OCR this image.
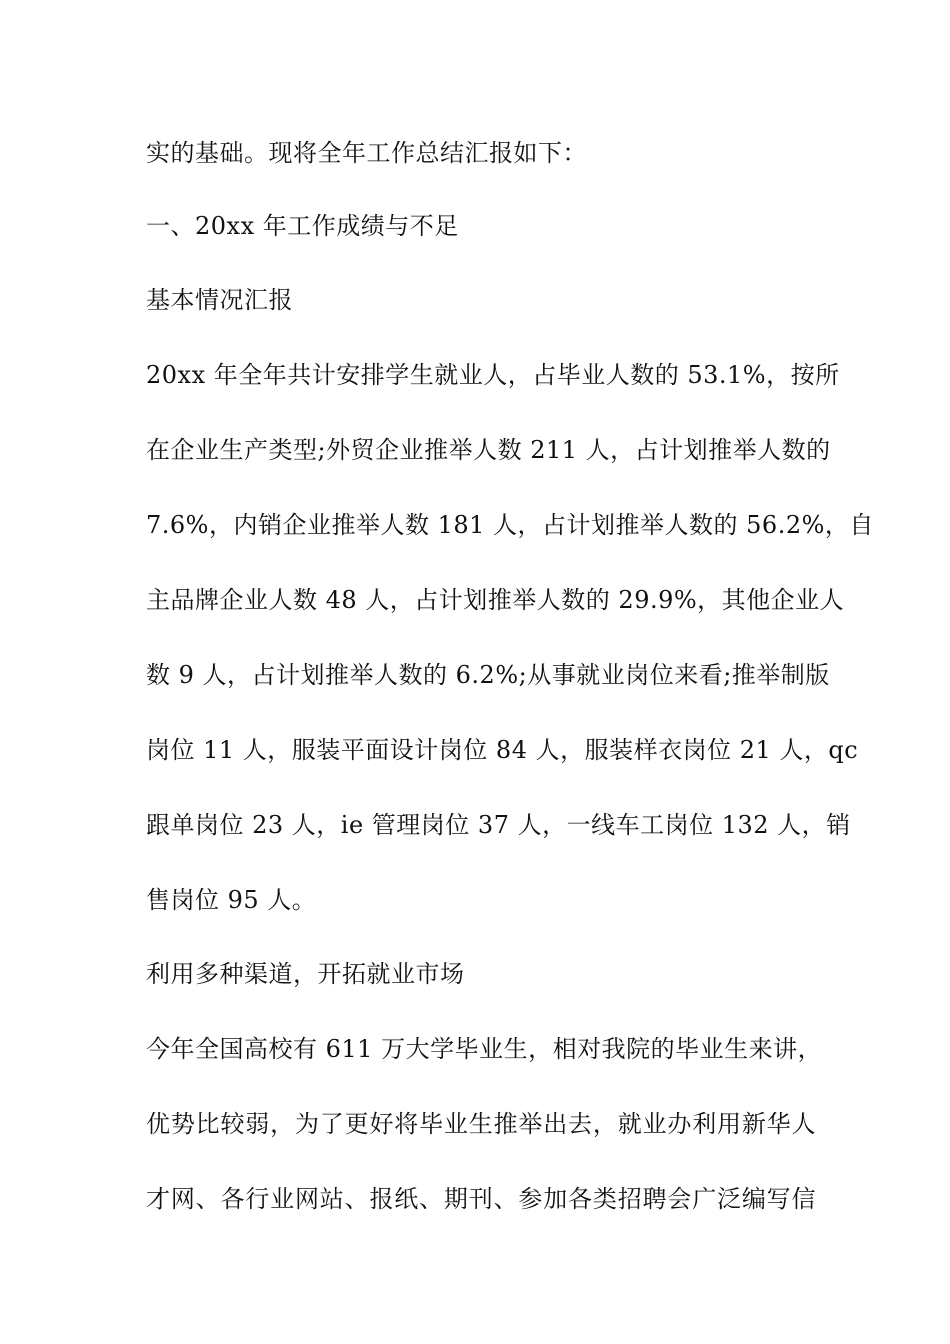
实的基础。现将全年工作总结汇报如下：
一、20xx 年工作成绩与不足
基本情况汇报
20xx 年全年共计安排学生就业人，占毕业人数的 53.1%，按所
在企业生产类型;外贸企业推举人数 211 人，占计划推举人数的
7.6%，内销企业推举人数 181 人，占计划推举人数的 56.2%，自
主品牌企业人数 48 人，占计划推举人数的 29.9%，其他企业人
数 9 人，占计划推举人数的 6.2%;从事就业岗位来看;推举制版
岗位 11 人，服装平面设计岗位 84 人，服装样衣岗位 21 人，qc
跟单岗位 23 人，ie 管理岗位 37 人，一线车工岗位 132 人，销
售岗位 95 人。
利用多种渠道，开拓就业市场
今年全国高校有 611 万大学毕业生，相对我院的毕业生来讲，
优势比较弱，为了更好将毕业生推举出去，就业办利用新华人
才网、各行业网站、报纸、期刊、参加各类招聘会广泛编写信
